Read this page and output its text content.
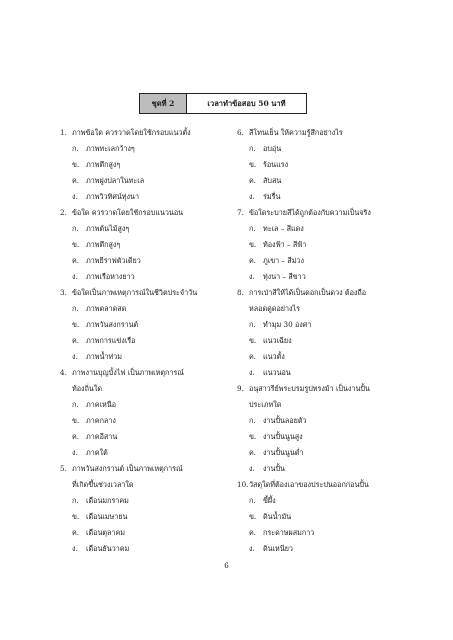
ชุดที่ 2	เวลาทำข้อสอบ 50 นาที
1. ภาพข้อใด ควรวาดโดยใช้กรอบแนวตั้ง
ก.	ภาพทะเลกว้างๆ
ข. ภาพตึกสูงๆ
ค. ภาพฝูงปลาในทะเล
ง.	ภาพวิวทิศน์ทุ่งนา
2. ข้อใด ควรวาดโดยใช้กรอบแนวนอน
ก.	ภาพต้นไม้สูงๆ
ข. ภาพตึกสูงๆ
ค. ภาพยีราฟตัวเดียว
ง.	ภาพเรือหางยาว
3. ข้อใดเป็นภาพเหตุการณ์ในชีวิตประจำวัน
ก.	ภาพตลาดสด
ข. ภาพวันสงกรานต์
ค. ภาพการแข่งเรือ
ง.	ภาพน้ำท่วม
4. ภาพงานบุญบั้งไฟ เป็นภาพเหตุการณ์
ท้องถิ่นใด
ก.	ภาคเหนือ
ข. ภาคกลาง
ค. ภาคอีสาน
ง.	ภาคใต้
5. ภาพวันสงกรานต์ เป็นภาพเหตุการณ์
ที่เกิดขึ้นช่วงเวลาใด
ก.	เดือนมกราคม
ข. เดือนเมษายน
ค. เดือนตุลาคม
ง.	เดือนธันวาคม
6. สีโทนเย็น ให้ความรู้สึกอย่างไร
ก.	อบอุ่น
ข. ร้อนแรง
ค. สับสน
ง.	ร่มรื่น
7. ข้อใดระบายสีได้ถูกต้องกับความเป็นจริง
ก.	ทะเล – สีแดง
ข. ท้องฟ้า – สีฟ้า
ค. ภูเขา – สีม่วง
ง.	ทุ่งนา – สีขาว
8. การเป่าสีให้ได้เป็นดอกเป็นดวง ต้องถือ
หลอดดูดอย่างไร
ก.	ทำมุม 30 องศา
ข. แนวเฉียง
ค. แนวตั้ง
ง.	แนวนอน
9. อนุสาวรีย์พระบรมรูปทรงม้า เป็นงานปั้น
ประเภทใด
ก.	งานปั้นลอยตัว
ข. งานปั้นนูนสูง
ค. งานปั้นนูนต่ำ
ง.	งานปั้น
10. วัสดุใดที่ต้องเอาของประปนออกก่อนปั้น
ก.	ขี้ผึ้ง
ข. ดินน้ำมัน
ค. กระดาษผสมกาว
ง.	ดินเหนียว
6
